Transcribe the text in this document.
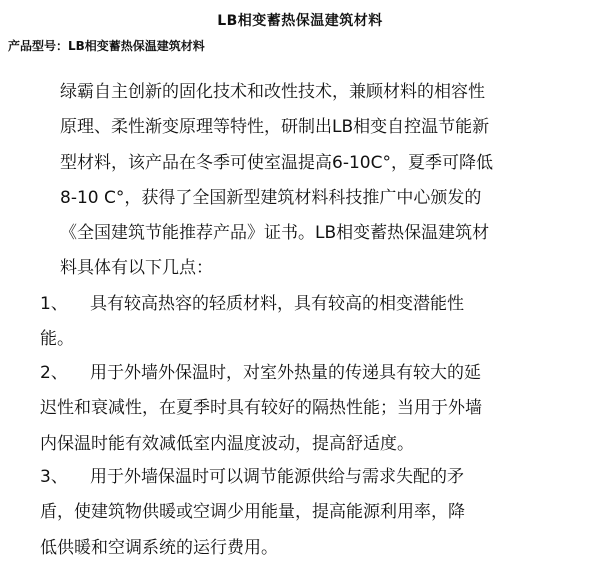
LB相变蓄热保温建筑材料
产品型号：LB相变蓄热保温建筑材料
绿霸自主创新的固化技术和改性技术，兼顾材料的相容性
原理、柔性渐变原理等特性，研制出LB相变自控温节能新
型材料，该产品在冬季可使室温提高6-10C°，夏季可降低
8-10 C°，获得了全国新型建筑材料科技推广中心颁发的
《全国建筑节能推荐产品》证书。LB相变蓄热保温建筑材
料具体有以下几点：
1、 具有较高热容的轻质材料，具有较高的相变潜能性
能。
2、 用于外墙外保温时，对室外热量的传递具有较大的延
迟性和衰减性，在夏季时具有较好的隔热性能；当用于外墙
内保温时能有效减低室内温度波动，提高舒适度。
3、 用于外墙保温时可以调节能源供给与需求失配的矛
盾，使建筑物供暖或空调少用能量，提高能源利用率，降
低供暖和空调系统的运行费用。
